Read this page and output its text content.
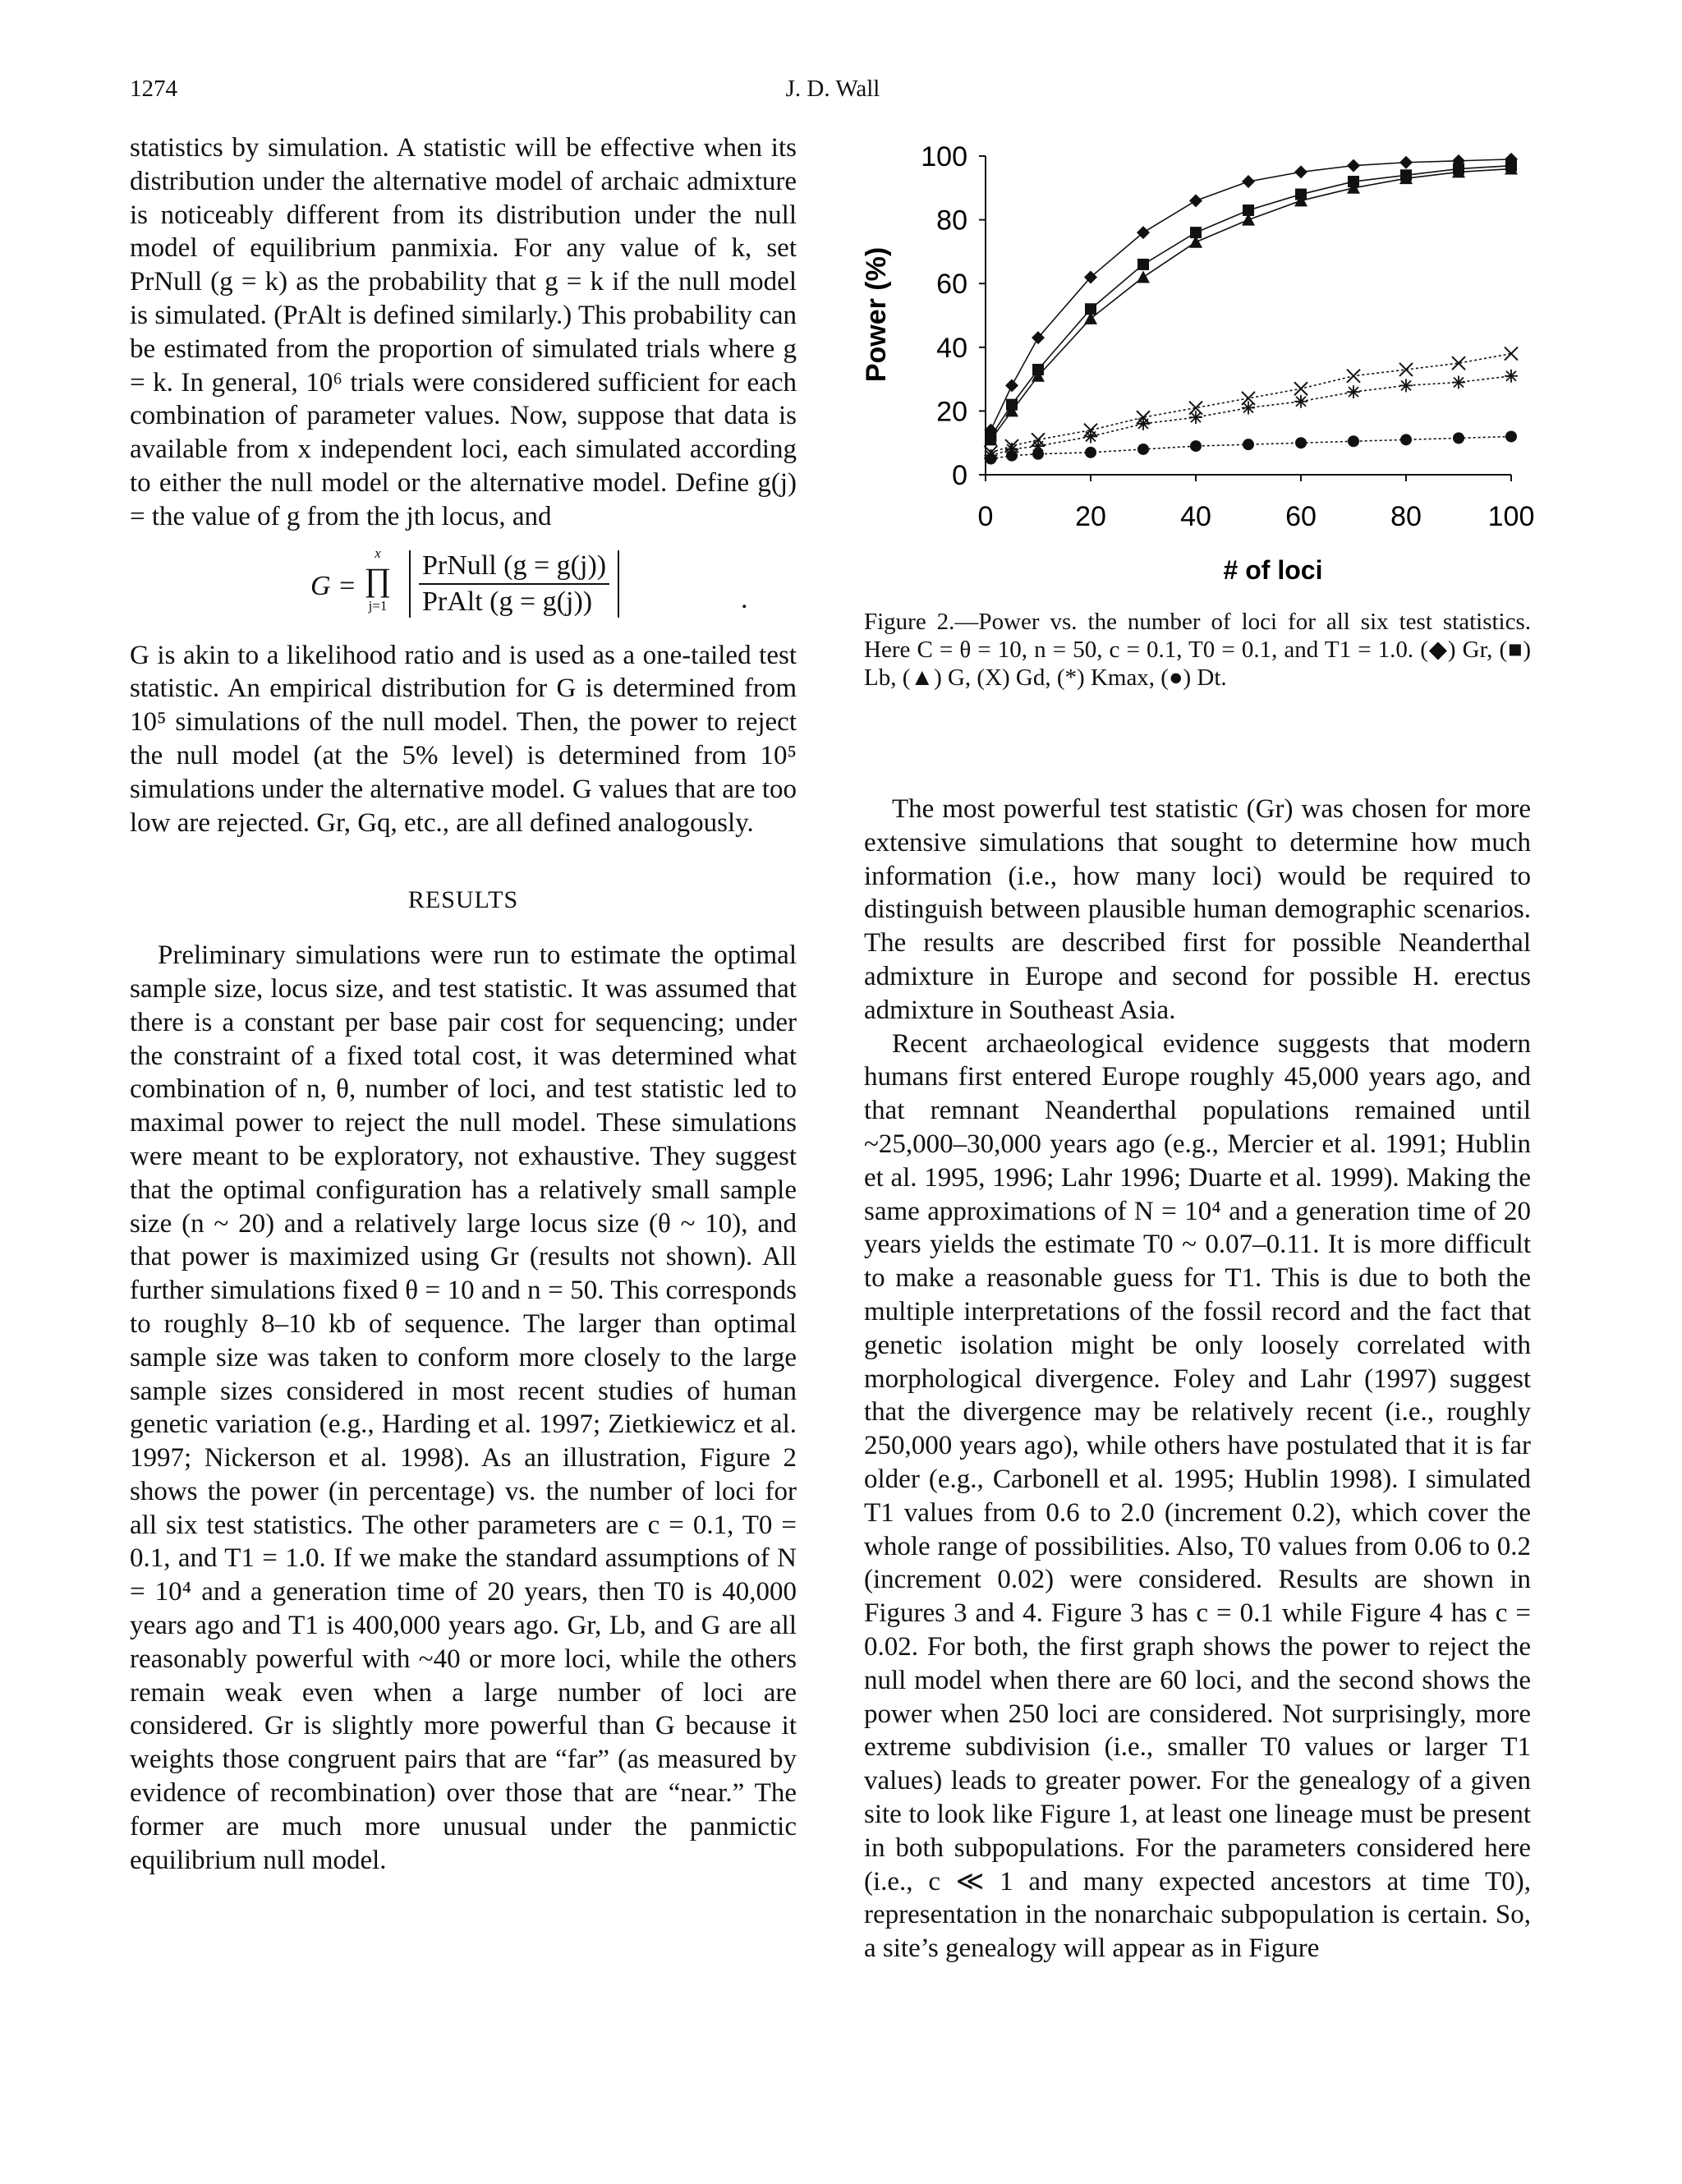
1274	J. D. Wall

statistics by simulation. A statistic will be effective when its distribution under the alternative model of archaic admixture is noticeably different from its distribution under the null model of equilibrium panmixia. For any value of k, set PrNull (g = k) as the probability that g = k if the null model is simulated. (PrAlt is defined similarly.) This probability can be estimated from the proportion of simulated trials where g = k. In general, 10⁶ trials were considered sufficient for each combination of parameter values. Now, suppose that data is available from x independent loci, each simulated according to either the null model or the alternative model. Define g(j) = the value of g from the jth locus, and

G =
x
∏
j=1
PrNull (g = g(j))
PrAlt (g = g(j))	.

G is akin to a likelihood ratio and is used as a one-tailed test statistic. An empirical distribution for G is determined from 10⁵ simulations of the null model. Then, the power to reject the null model (at the 5% level) is determined from 10⁵ simulations under the alternative model. G values that are too low are rejected. Gr, Gq, etc., are all defined analogously.

RESULTS

Preliminary simulations were run to estimate the optimal sample size, locus size, and test statistic. It was assumed that there is a constant per base pair cost for sequencing; under the constraint of a fixed total cost, it was determined what combination of n, θ, number of loci, and test statistic led to maximal power to reject the null model. These simulations were meant to be exploratory, not exhaustive. They suggest that the optimal configuration has a relatively small sample size (n ~ 20) and a relatively large locus size (θ ~ 10), and that power is maximized using Gr (results not shown). All further simulations fixed θ = 10 and n = 50. This corresponds to roughly 8–10 kb of sequence. The larger than optimal sample size was taken to conform more closely to the large sample sizes considered in most recent studies of human genetic variation (e.g., Harding et al. 1997; Zietkiewicz et al. 1997; Nickerson et al. 1998). As an illustration, Figure 2 shows the power (in percentage) vs. the number of loci for all six test statistics. The other parameters are c = 0.1, T0 = 0.1, and T1 = 1.0. If we make the standard assumptions of N = 10⁴ and a generation time of 20 years, then T0 is 40,000 years ago and T1 is 400,000 years ago. Gr, Lb, and G are all reasonably powerful with ~40 or more loci, while the others remain weak even when a large number of loci are considered. Gr is slightly more powerful than G because it weights those congruent pairs that are “far” (as measured by evidence of recombination) over those that are “near.” The former are much more unusual under the panmictic equilibrium null model.

0
20
40
60
80
100
0	20	40	60	80 100
Power (%)
# of loci

Figure 2.—Power vs. the number of loci for all six test statistics. Here C = θ = 10, n = 50, c = 0.1, T0 = 0.1, and T1 = 1.0. (◆) Gr, (■) Lb, (▲) G, (X) Gd, (*) Kmax, (●) Dt.

The most powerful test statistic (Gr) was chosen for more extensive simulations that sought to determine how much information (i.e., how many loci) would be required to distinguish between plausible human demographic scenarios. The results are described first for possible Neanderthal admixture in Europe and second for possible H. erectus admixture in Southeast Asia.

Recent archaeological evidence suggests that modern humans first entered Europe roughly 45,000 years ago, and that remnant Neanderthal populations remained until ~25,000–30,000 years ago (e.g., Mercier et al. 1991; Hublin et al. 1995, 1996; Lahr 1996; Duarte et al. 1999). Making the same approximations of N = 10⁴ and a generation time of 20 years yields the estimate T0 ~ 0.07–0.11. It is more difficult to make a reasonable guess for T1. This is due to both the multiple interpretations of the fossil record and the fact that genetic isolation might be only loosely correlated with morphological divergence. Foley and Lahr (1997) suggest that the divergence may be relatively recent (i.e., roughly 250,000 years ago), while others have postulated that it is far older (e.g., Carbonell et al. 1995; Hublin 1998). I simulated T1 values from 0.6 to 2.0 (increment 0.2), which cover the whole range of possibilities. Also, T0 values from 0.06 to 0.2 (increment 0.02) were considered. Results are shown in Figures 3 and 4. Figure 3 has c = 0.1 while Figure 4 has c = 0.02. For both, the first graph shows the power to reject the null model when there are 60 loci, and the second shows the power when 250 loci are considered. Not surprisingly, more extreme subdivision (i.e., smaller T0 values or larger T1 values) leads to greater power. For the genealogy of a given site to look like Figure 1, at least one lineage must be present in both subpopulations. For the parameters considered here (i.e., c ≪ 1 and many expected ancestors at time T0), representation in the nonarchaic subpopulation is certain. So, a site’s genealogy will appear as in Figure
